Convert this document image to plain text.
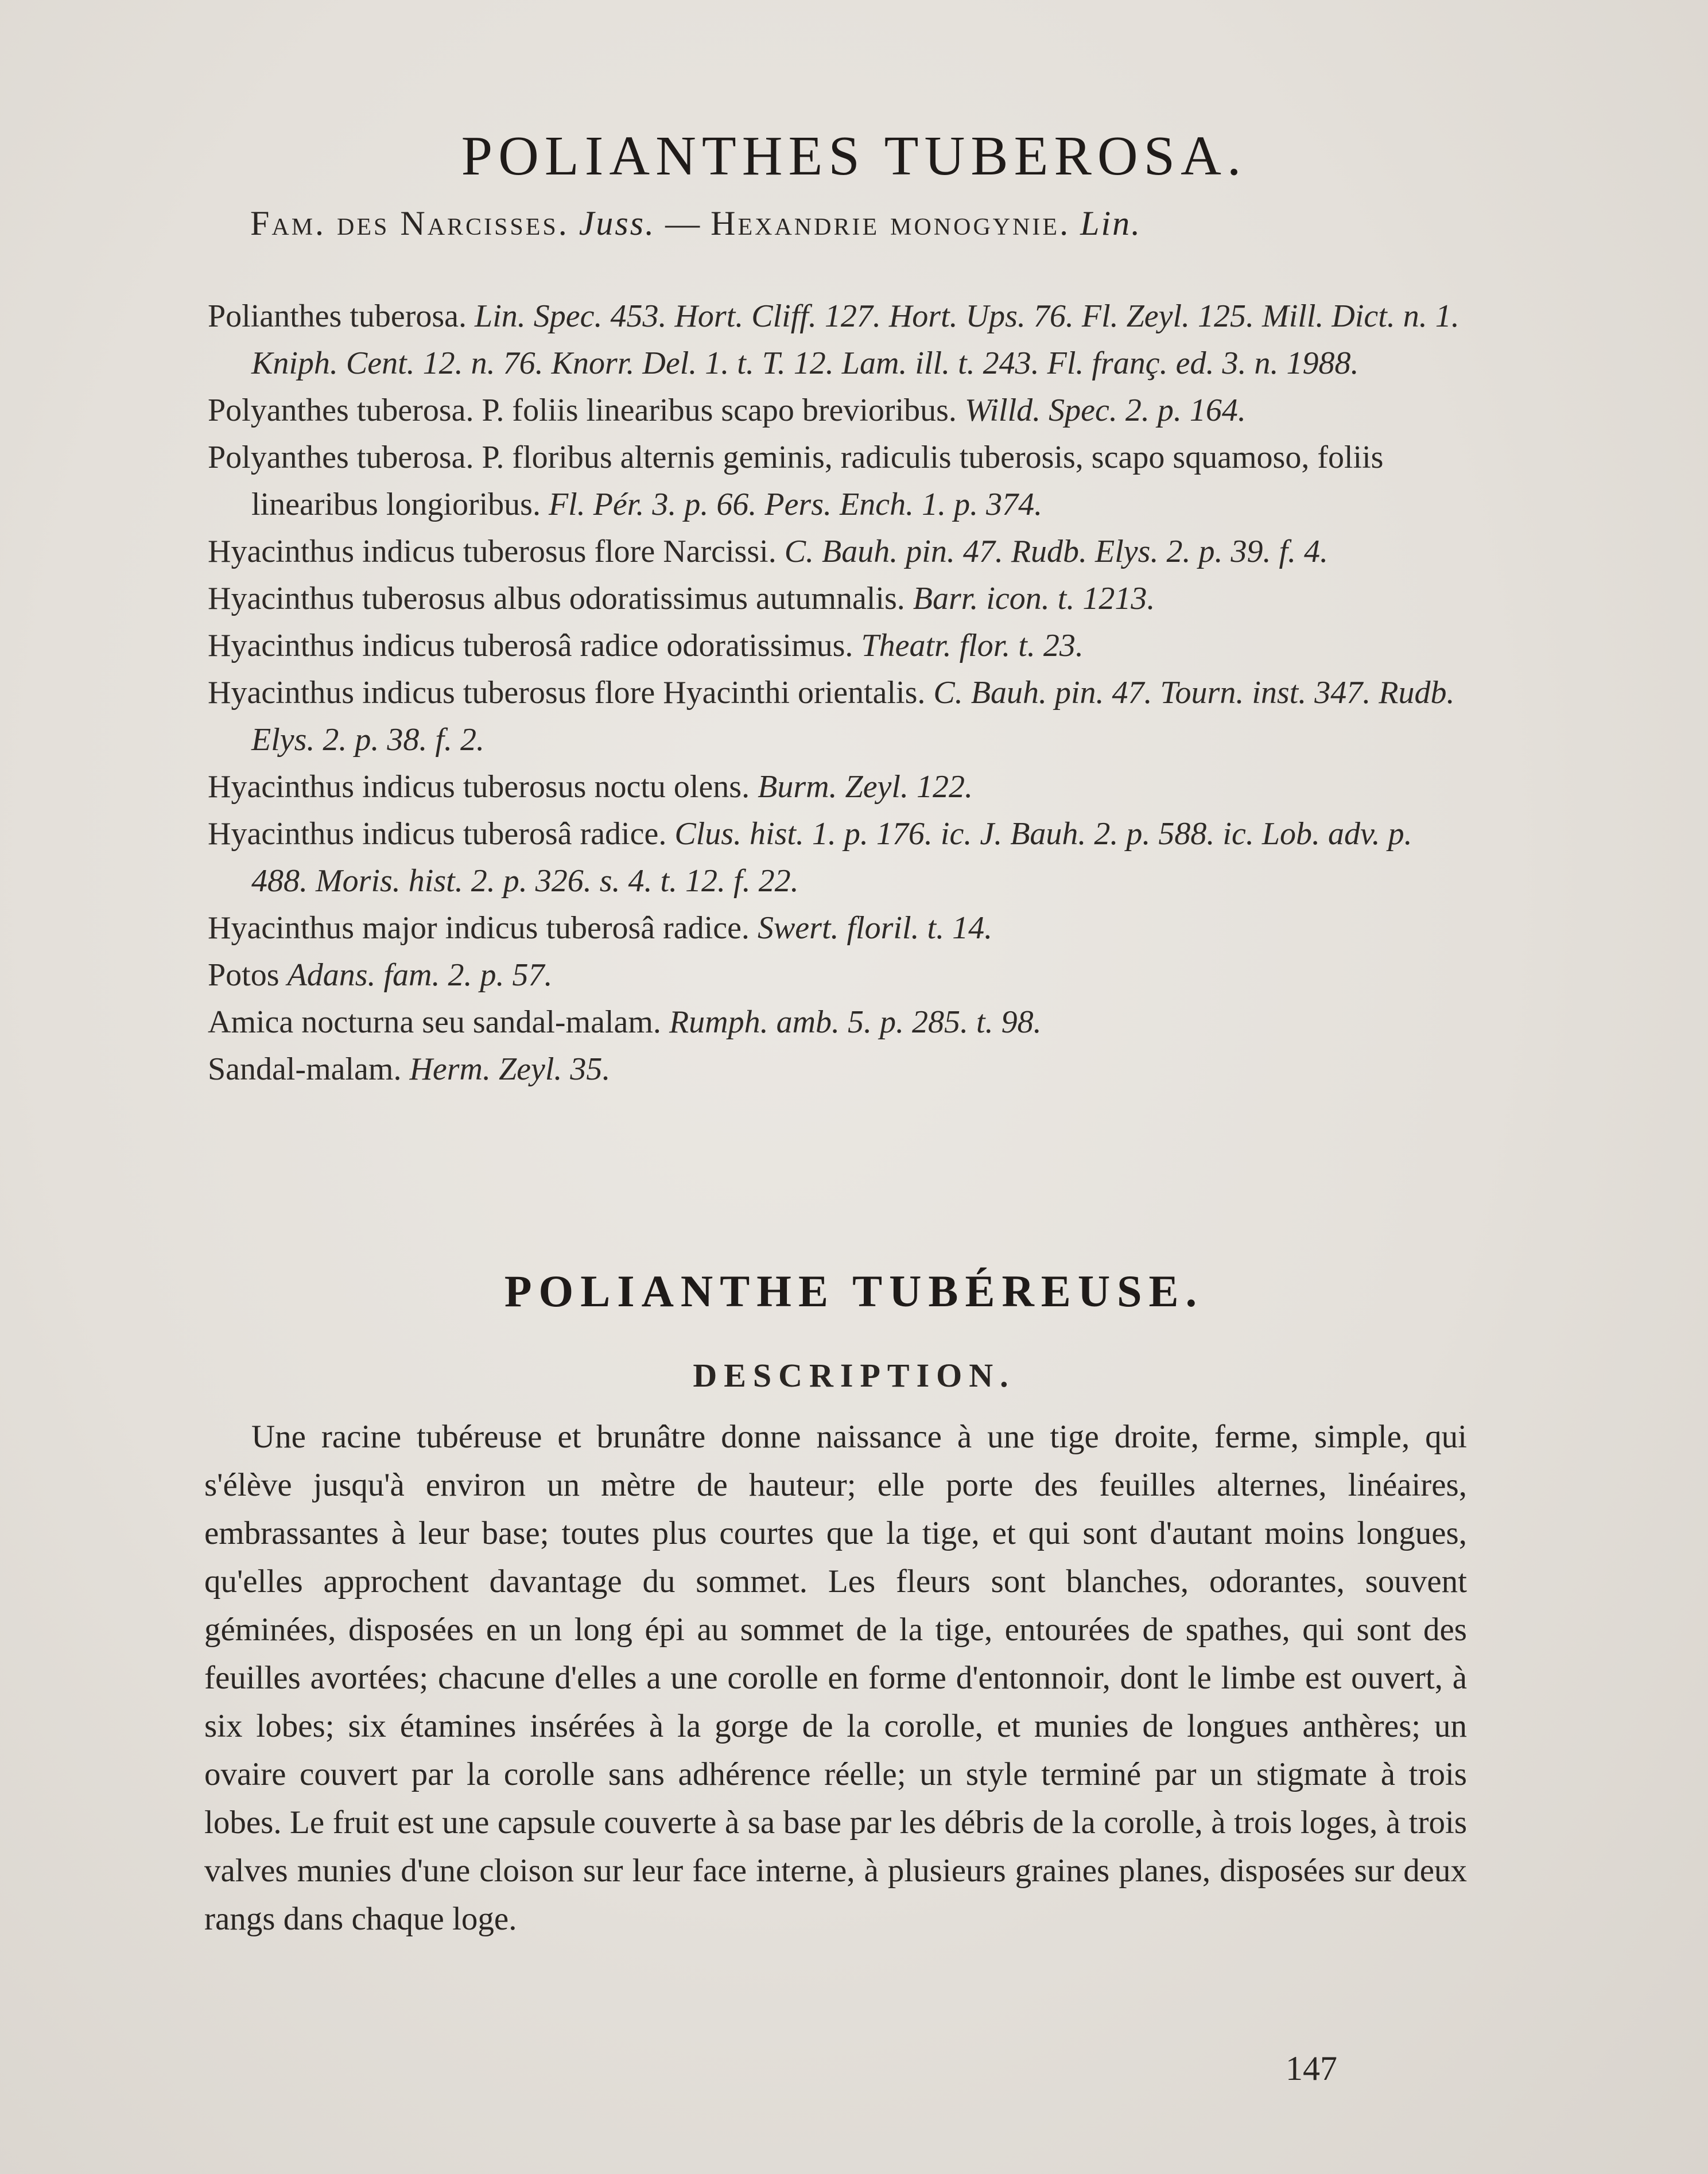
POLIANTHES TUBEROSA.
Fam. des Narcisses. Juss. — Hexandrie monogynie. Lin.
Polianthes tuberosa. Lin. Spec. 453. Hort. Cliff. 127. Hort. Ups. 76. Fl. Zeyl. 125. Mill. Dict. n. 1. Kniph. Cent. 12. n. 76. Knorr. Del. 1. t. T. 12. Lam. ill. t. 243. Fl. franç. ed. 3. n. 1988.
Polyanthes tuberosa. P. foliis linearibus scapo brevioribus. Willd. Spec. 2. p. 164.
Polyanthes tuberosa. P. floribus alternis geminis, radiculis tuberosis, scapo squamoso, foliis linearibus longioribus. Fl. Pér. 3. p. 66. Pers. Ench. 1. p. 374.
Hyacinthus indicus tuberosus flore Narcissi. C. Bauh. pin. 47. Rudb. Elys. 2. p. 39. f. 4.
Hyacinthus tuberosus albus odoratissimus autumnalis. Barr. icon. t. 1213.
Hyacinthus indicus tuberosâ radice odoratissimus. Theatr. flor. t. 23.
Hyacinthus indicus tuberosus flore Hyacinthi orientalis. C. Bauh. pin. 47. Tourn. inst. 347. Rudb. Elys. 2. p. 38. f. 2.
Hyacinthus indicus tuberosus noctu olens. Burm. Zeyl. 122.
Hyacinthus indicus tuberosâ radice. Clus. hist. 1. p. 176. ic. J. Bauh. 2. p. 588. ic. Lob. adv. p. 488. Moris. hist. 2. p. 326. s. 4. t. 12. f. 22.
Hyacinthus major indicus tuberosâ radice. Swert. floril. t. 14.
Potos Adans. fam. 2. p. 57.
Amica nocturna seu sandal-malam. Rumph. amb. 5. p. 285. t. 98.
Sandal-malam. Herm. Zeyl. 35.
POLIANTHE TUBÉREUSE.
DESCRIPTION.

Une racine tubéreuse et brunâtre donne naissance à une tige droite, ferme, simple, qui s'élève jusqu'à environ un mètre de hauteur; elle porte des feuilles alternes, linéaires, embrassantes à leur base; toutes plus courtes que la tige, et qui sont d'autant moins longues, qu'elles approchent davantage du sommet. Les fleurs sont blanches, odorantes, souvent géminées, disposées en un long épi au sommet de la tige, entourées de spathes, qui sont des feuilles avortées; chacune d'elles a une corolle en forme d'entonnoir, dont le limbe est ouvert, à six lobes; six étamines insérées à la gorge de la corolle, et munies de longues anthères; un ovaire couvert par la corolle sans adhérence réelle; un style terminé par un stigmate à trois lobes. Le fruit est une capsule couverte à sa base par les débris de la corolle, à trois loges, à trois valves munies d'une cloison sur leur face interne, à plusieurs graines planes, disposées sur deux rangs dans chaque loge.

147
